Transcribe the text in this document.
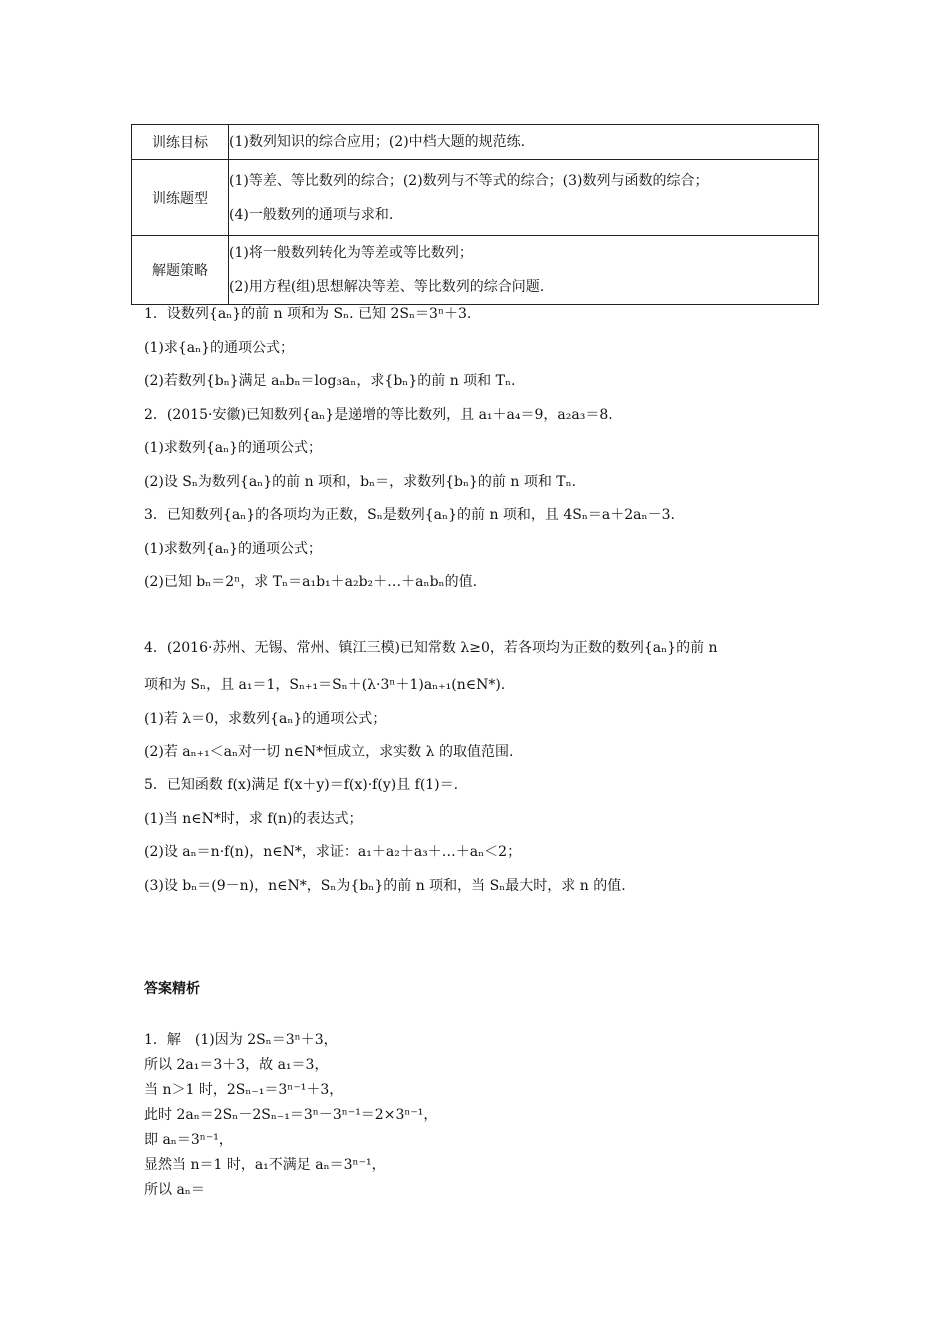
训练目标	(1)数列知识的综合应用；(2)中档大题的规范练.

训练题型	(1)等差、等比数列的综合；(2)数列与不等式的综合；(3)数列与函数的综合；
(4)一般数列的通项与求和.

解题策略	(1)将一般数列转化为等差或等比数列；
(2)用方程(组)思想解决等差、等比数列的综合问题.
1．设数列{aₙ}的前 n 项和为 Sₙ. 已知 2Sₙ＝3ⁿ＋3.
(1)求{aₙ}的通项公式；
(2)若数列{bₙ}满足 aₙbₙ＝log₃aₙ，求{bₙ}的前 n 项和 Tₙ.
2．(2015·安徽)已知数列{aₙ}是递增的等比数列，且 a₁＋a₄＝9，a₂a₃＝8.
(1)求数列{aₙ}的通项公式；
(2)设 Sₙ为数列{aₙ}的前 n 项和，bₙ＝，求数列{bₙ}的前 n 项和 Tₙ.
3．已知数列{aₙ}的各项均为正数，Sₙ是数列{aₙ}的前 n 项和，且 4Sₙ＝a＋2aₙ－3.
(1)求数列{aₙ}的通项公式；
(2)已知 bₙ＝2ⁿ，求 Tₙ＝a₁b₁＋a₂b₂＋…＋aₙbₙ的值.
4．(2016·苏州、无锡、常州、镇江三模)已知常数 λ≥0，若各项均为正数的数列{aₙ}的前 n
项和为 Sₙ，且 a₁＝1，Sₙ₊₁＝Sₙ＋(λ·3ⁿ＋1)aₙ₊₁(n∈N*).
(1)若 λ＝0，求数列{aₙ}的通项公式；
(2)若 aₙ₊₁＜aₙ对一切 n∈N*恒成立，求实数 λ 的取值范围.
5．已知函数 f(x)满足 f(x＋y)＝f(x)·f(y)且 f(1)＝.
(1)当 n∈N*时，求 f(n)的表达式；
(2)设 aₙ＝n·f(n)，n∈N*，求证：a₁＋a₂＋a₃＋…＋aₙ＜2；
(3)设 bₙ＝(9－n)，n∈N*，Sₙ为{bₙ}的前 n 项和，当 Sₙ最大时，求 n 的值.
答案精析
1．解　(1)因为 2Sₙ＝3ⁿ＋3，
所以 2a₁＝3＋3，故 a₁＝3，
当 n＞1 时，2Sₙ₋₁＝3ⁿ⁻¹＋3，
此时 2aₙ＝2Sₙ－2Sₙ₋₁＝3ⁿ－3ⁿ⁻¹＝2×3ⁿ⁻¹，
即 aₙ＝3ⁿ⁻¹，
显然当 n＝1 时，a₁不满足 aₙ＝3ⁿ⁻¹，
所以 aₙ＝
